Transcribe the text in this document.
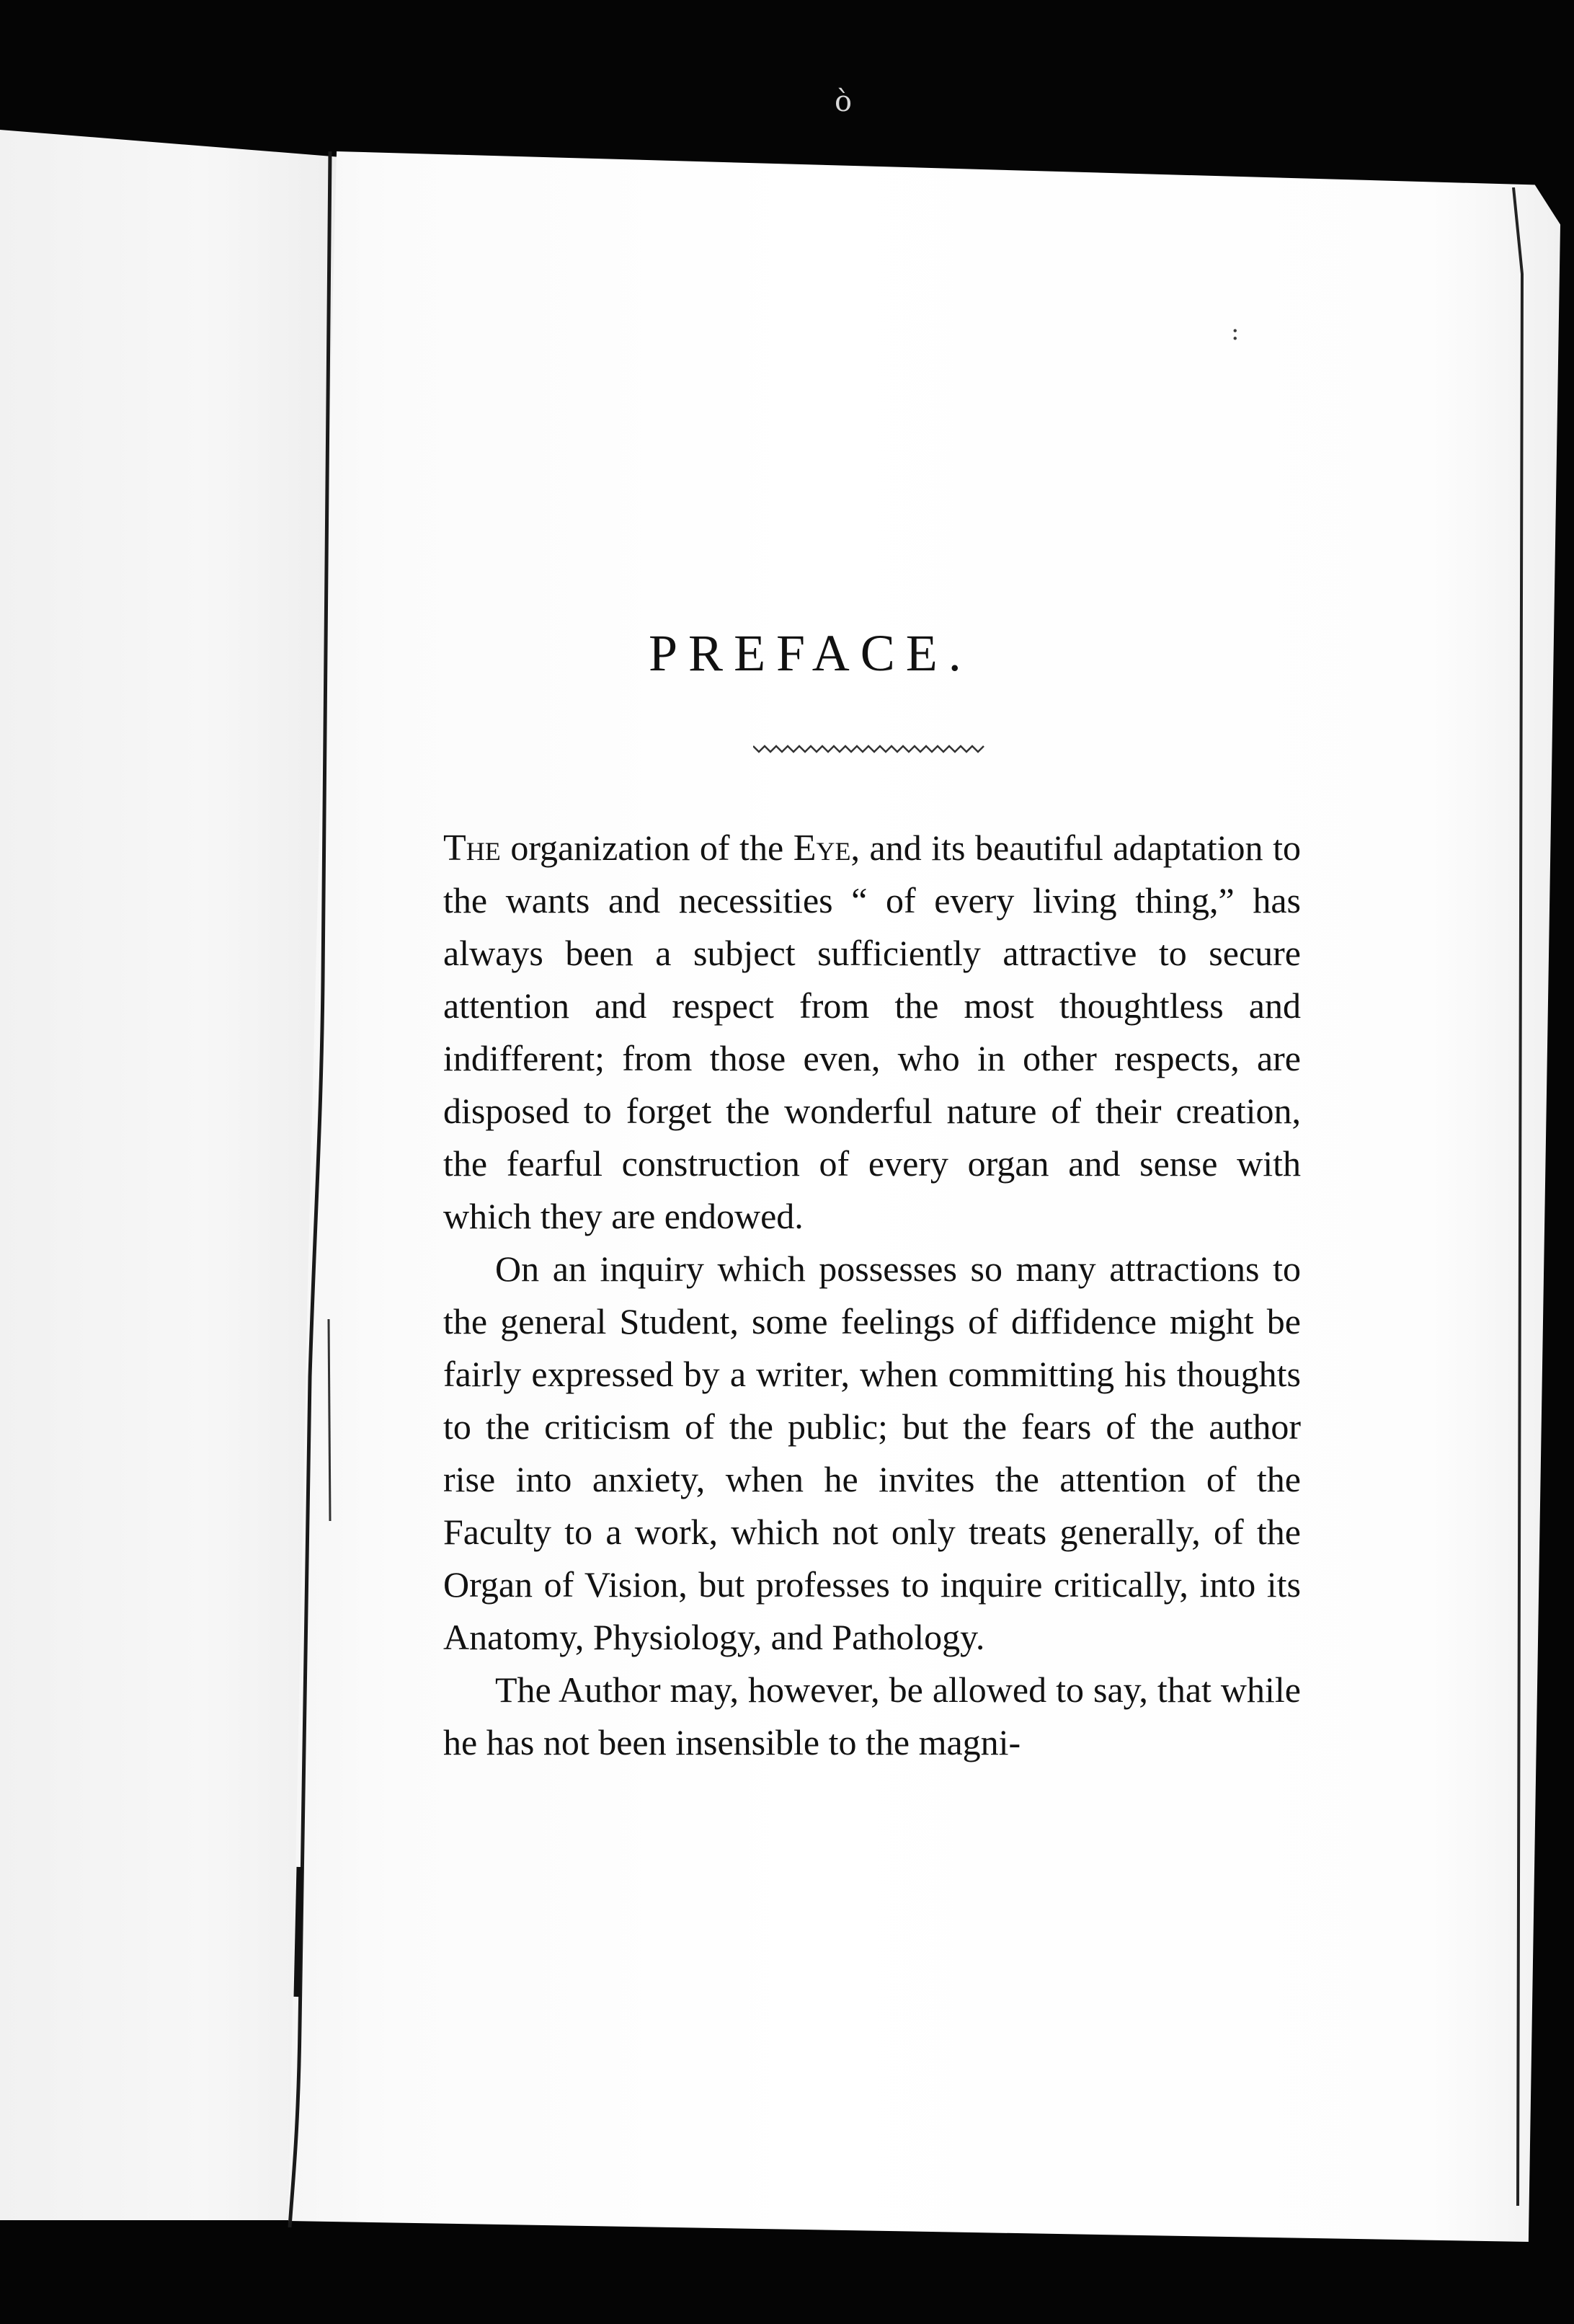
ò
:
PREFACE.

The organization of the Eye, and its beautiful adaptation to the wants and necessities “ of every living thing,” has always been a subject sufficiently attractive to secure attention and respect from the most thoughtless and indifferent; from those even, who in other respects, are disposed to forget the wonderful nature of their creation, the fearful construction of every organ and sense with which they are endowed.

On an inquiry which possesses so many attractions to the general Student, some feelings of diffidence might be fairly expressed by a writer, when committing his thoughts to the criticism of the public; but the fears of the author rise into anxiety, when he invites the attention of the Faculty to a work, which not only treats generally, of the Organ of Vision, but professes to inquire critically, into its Anatomy, Physiology, and Pathology.

The Author may, however, be allowed to say, that while he has not been insensible to the magni-
